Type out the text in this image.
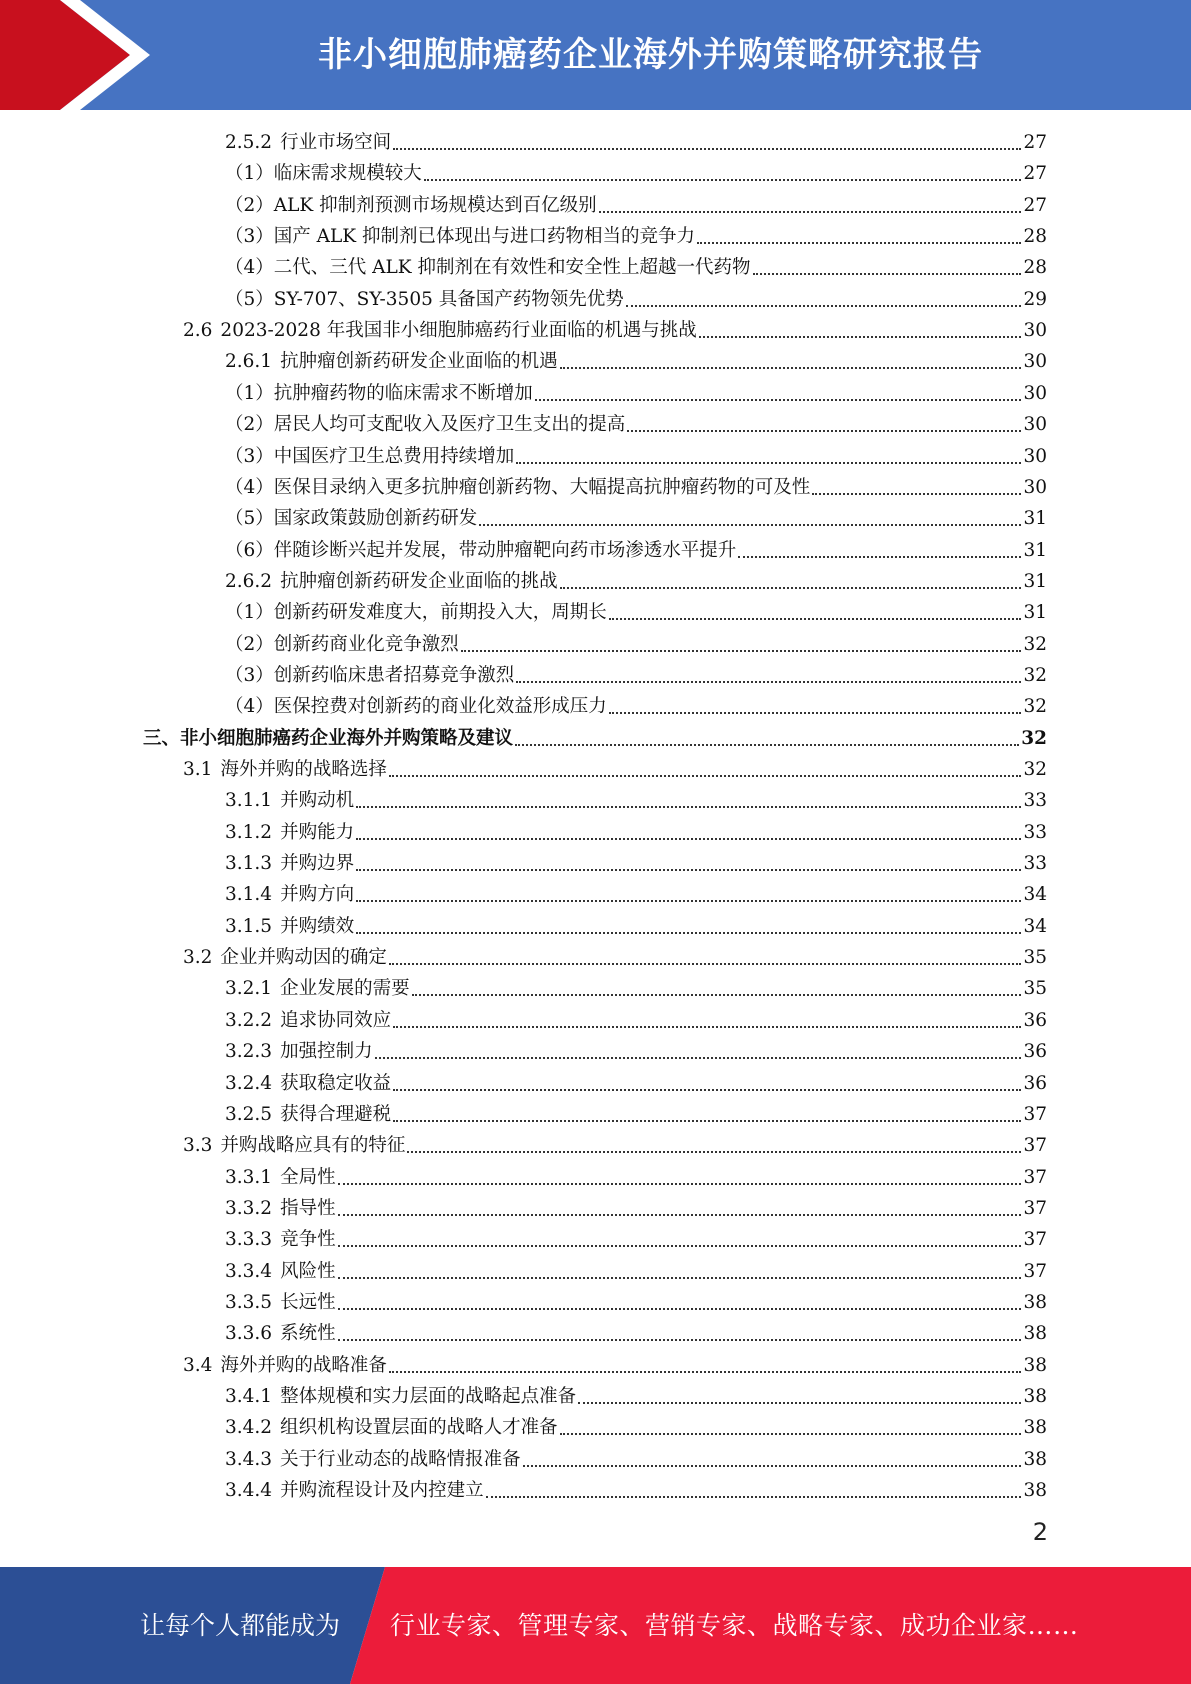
非小细胞肺癌药企业海外并购策略研究报告
2.5.2 行业市场空间	27
（1）临床需求规模较大	27
（2）ALK 抑制剂预测市场规模达到百亿级别	27
（3）国产 ALK 抑制剂已体现出与进口药物相当的竞争力	28
（4）二代、三代 ALK 抑制剂在有效性和安全性上超越一代药物	28
（5）SY-707、SY-3505 具备国产药物领先优势	29
2.6 2023-2028 年我国非小细胞肺癌药行业面临的机遇与挑战	30
2.6.1 抗肿瘤创新药研发企业面临的机遇	30
（1）抗肿瘤药物的临床需求不断增加	30
（2）居民人均可支配收入及医疗卫生支出的提高	30
（3）中国医疗卫生总费用持续增加	30
（4）医保目录纳入更多抗肿瘤创新药物、大幅提高抗肿瘤药物的可及性	30
（5）国家政策鼓励创新药研发	31
（6）伴随诊断兴起并发展，带动肿瘤靶向药市场渗透水平提升	31
2.6.2 抗肿瘤创新药研发企业面临的挑战	31
（1）创新药研发难度大，前期投入大，周期长	31
（2）创新药商业化竞争激烈	32
（3）创新药临床患者招募竞争激烈	32
（4）医保控费对创新药的商业化效益形成压力	32
三、非小细胞肺癌药企业海外并购策略及建议	32
3.1 海外并购的战略选择	32
3.1.1 并购动机	33
3.1.2 并购能力	33
3.1.3 并购边界	33
3.1.4 并购方向	34
3.1.5 并购绩效	34
3.2 企业并购动因的确定	35
3.2.1 企业发展的需要	35
3.2.2 追求协同效应	36
3.2.3 加强控制力	36
3.2.4 获取稳定收益	36
3.2.5 获得合理避税	37
3.3 并购战略应具有的特征	37
3.3.1 全局性	37
3.3.2 指导性	37
3.3.3 竞争性	37
3.3.4 风险性	37
3.3.5 长远性	38
3.3.6 系统性	38
3.4 海外并购的战略准备	38
3.4.1 整体规模和实力层面的战略起点准备	38
3.4.2 组织机构设置层面的战略人才准备	38
3.4.3 关于行业动态的战略情报准备	38
3.4.4 并购流程设计及内控建立	38
2
让每个人都能成为	行业专家、管理专家、营销专家、战略专家、成功企业家……
